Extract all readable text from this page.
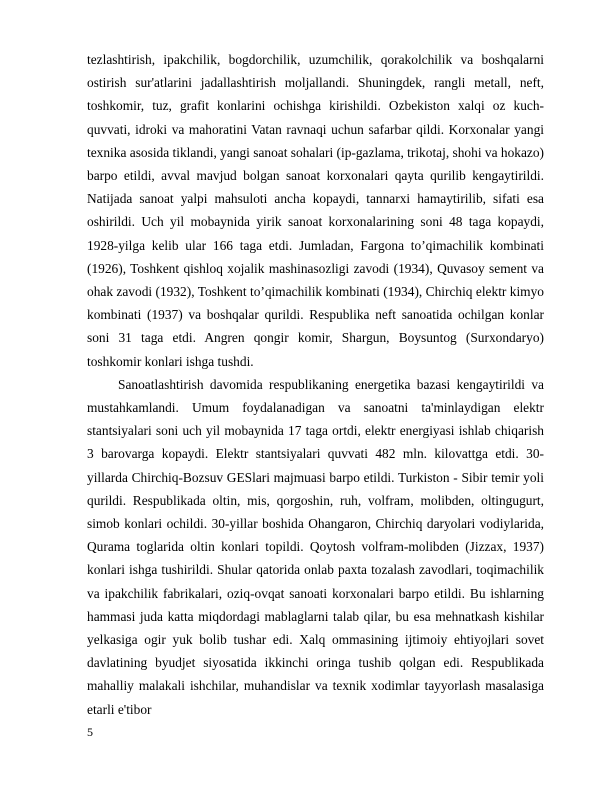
tezlashtirish, ipakchilik, bogdorchilik, uzumchilik, qorakolchilik va boshqalarni ostirish sur'atlarini jadallashtirish moljallandi. Shuningdek, rangli metall, neft, toshkomir, tuz, grafit konlarini ochishga kirishildi. Ozbekiston xalqi oz kuch-quvvati, idroki va mahoratini Vatan ravnaqi uchun safarbar qildi. Korxonalar yangi texnika asosida tiklandi, yangi sanoat sohalari (ip-gazlama, trikotaj, shohi va hokazo) barpo etildi, avval mavjud bolgan sanoat korxonalari qayta qurilib kengaytirildi. Natijada sanoat yalpi mahsuloti ancha kopaydi, tannarxi hamaytirilib, sifati esa oshirildi. Uch yil mobaynida yirik sanoat korxonalarining soni 48 taga kopaydi, 1928-yilga kelib ular 166 taga etdi. Jumladan, Fargona to’qimachilik kombinati (1926), Toshkent qishloq xojalik mashinasozligi zavodi (1934), Quvasoy sement va ohak zavodi (1932), Toshkent to’qimachilik kombinati (1934), Chirchiq elektr kimyo kombinati (1937) va boshqalar qurildi. Respublika neft sanoatida ochilgan konlar soni 31 taga etdi. Angren qongir komir, Shargun, Boysuntog (Surxondaryo) toshkomir konlari ishga tushdi.

Sanoatlashtirish davomida respublikaning energetika bazasi kengaytirildi va mustahkamlandi. Umum foydalanadigan va sanoatni ta'minlaydigan elektr stantsiyalari soni uch yil mobaynida 17 taga ortdi, elektr energiyasi ishlab chiqarish 3 barovarga kopaydi. Elektr stantsiyalari quvvati 482 mln. kilovattga etdi. 30-yillarda Chirchiq-Bozsuv GESlari majmuasi barpo etildi. Turkiston - Sibir temir yoli qurildi. Respublikada oltin, mis, qorgoshin, ruh, volfram, molibden, oltingugurt, simob konlari ochildi. 30-yillar boshida Ohangaron, Chirchiq daryolari vodiylarida, Qurama toglarida oltin konlari topildi. Qoytosh volfram-molibden (Jizzax, 1937) konlari ishga tushirildi. Shular qatorida onlab paxta tozalash zavodlari, toqimachilik va ipakchilik fabrikalari, oziq-ovqat sanoati korxonalari barpo etildi. Bu ishlarning hammasi juda katta miqdordagi mablaglarni talab qilar, bu esa mehnatkash kishilar yelkasiga ogir yuk bolib tushar edi. Xalq ommasining ijtimoiy ehtiyojlari sovet davlatining byudjet siyosatida ikkinchi oringa tushib qolgan edi. Respublikada mahalliy malakali ishchilar, muhandislar va texnik xodimlar tayyorlash masalasiga etarli e'tibor

5
